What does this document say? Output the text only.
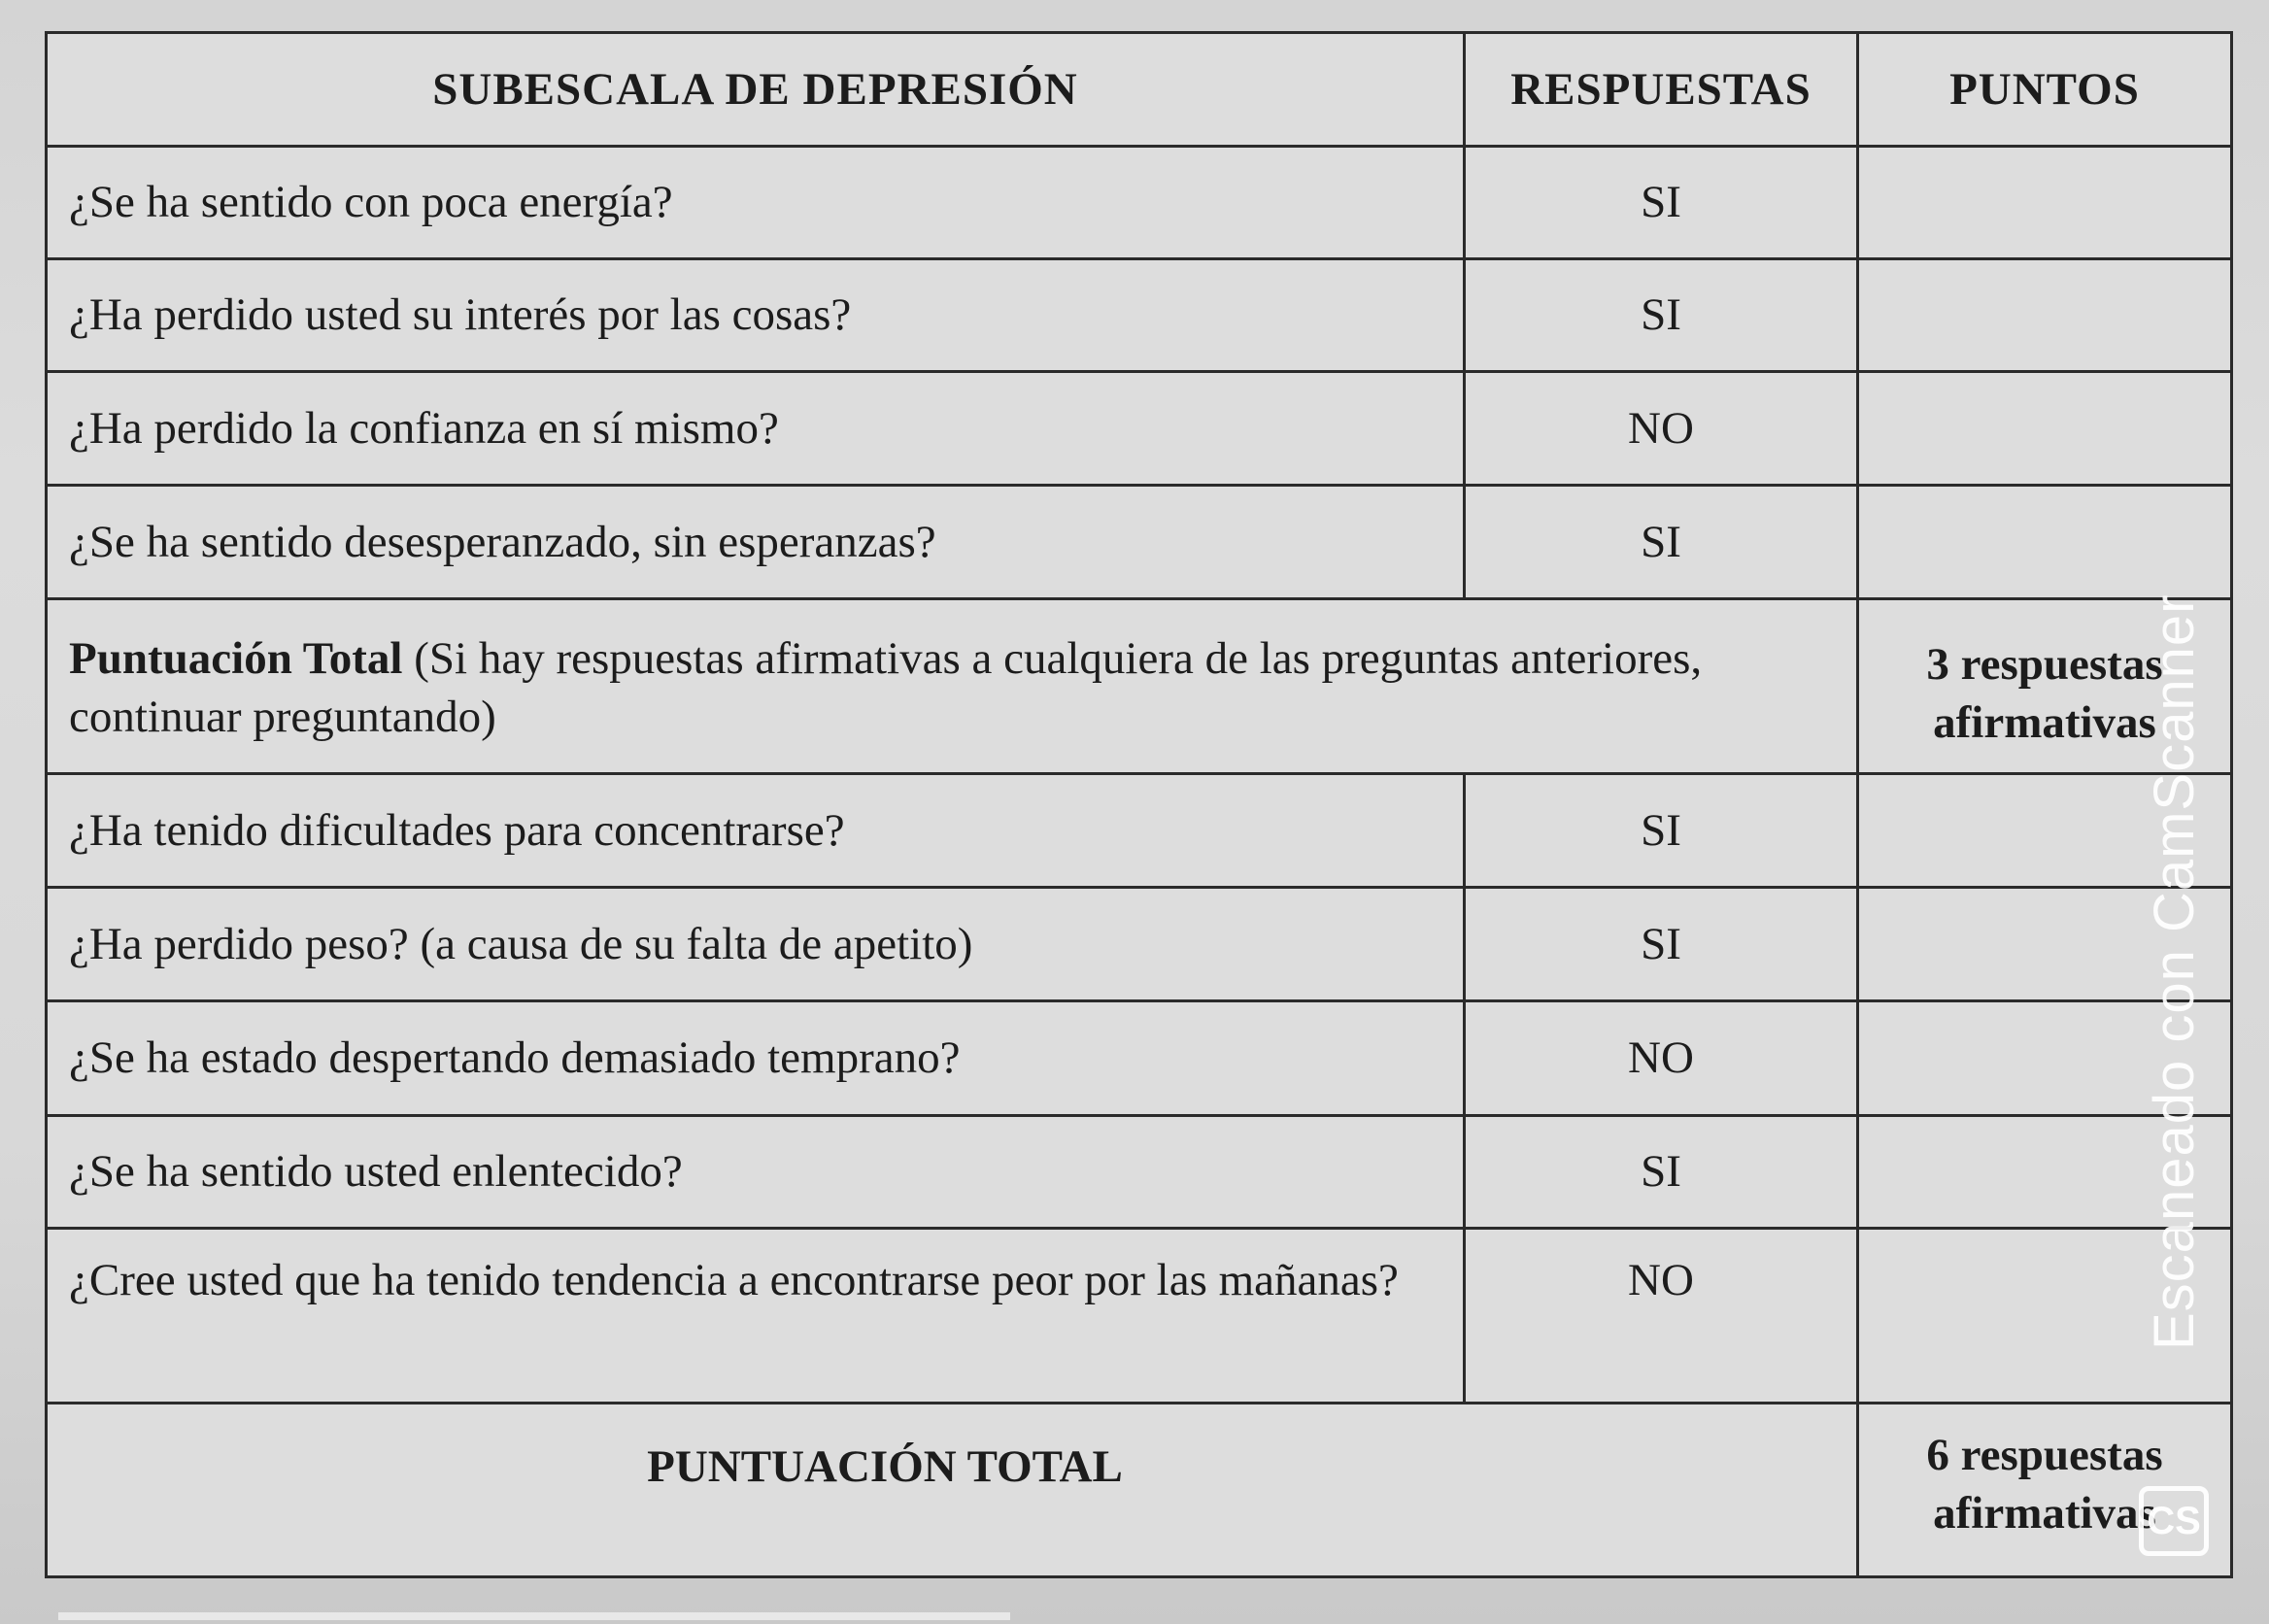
SUBESCALA DE DEPRESIÓN	RESPUESTAS	PUNTOS
¿Se ha sentido con poca energía?	SI	
¿Ha perdido usted su interés por las cosas?	SI	
¿Ha perdido la confianza en sí mismo?	NO	
¿Se ha sentido desesperanzado, sin esperanzas?	SI	
Puntuación Total (Si hay respuestas afirmativas a cualquiera de las preguntas anteriores, continuar preguntando)		3 respuestas
afirmativas

¿Ha tenido dificultades para concentrarse?	SI	
¿Ha perdido peso? (a causa de su falta de apetito)	SI	
¿Se ha estado despertando demasiado temprano?	NO	
¿Se ha sentido usted enlentecido?	SI	
¿Cree usted que ha tenido tendencia a encontrarse peor por las mañanas?	NO	
PUNTUACIÓN TOTAL		6 respuestas
afirmativas
Escaneado con CamScanner
CS
